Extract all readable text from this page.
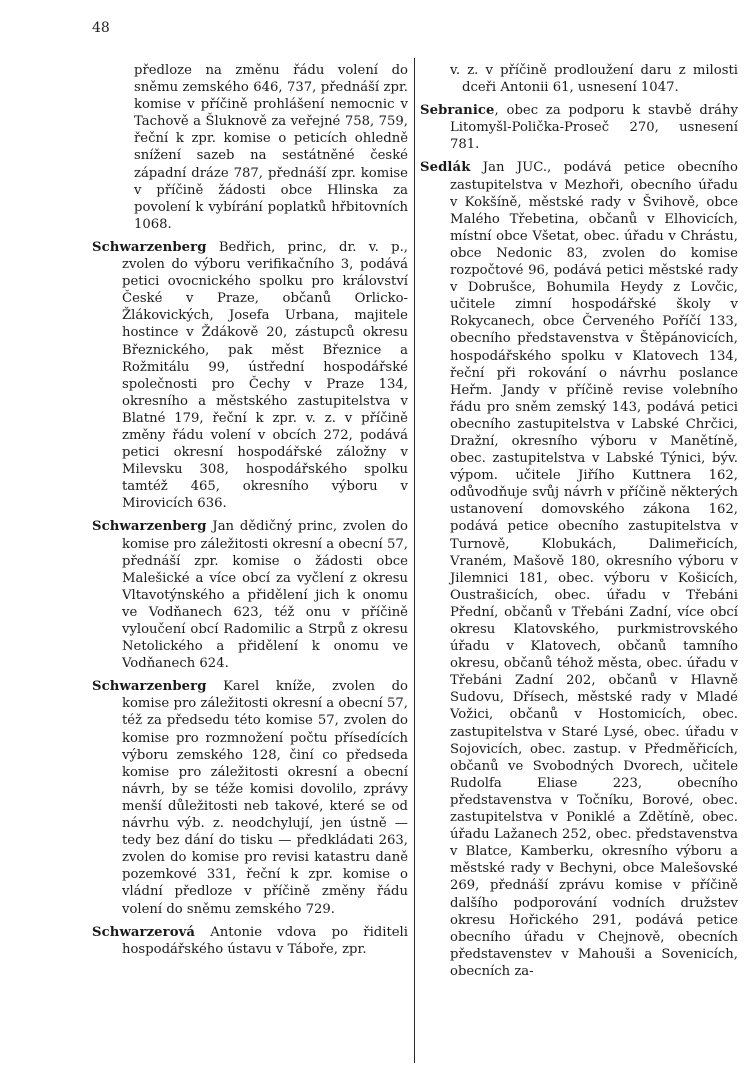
48

předloze na změnu řádu volení do sněmu zemského 646, 737, přednáší zpr. komise v příčině prohlášení nemocnic v Tachově a Šluknově za veřejné 758, 759, řeční k zpr. komise o peticích ohledně snížení sazeb na sestátněné české západní dráze 787, přednáší zpr. komise v příčině žádosti obce Hlinska za povolení k vybírání poplatků hřbitovních 1068.

Schwarzenberg Bedřich, princ, dr. v. p., zvolen do výboru verifikačního 3, podává petici ovocnického spolku pro království České v Praze, občanů Orlicko-Žlákovických, Josefa Urbana, majitele hostince v Ždákově 20, zástupců okresu Březnického, pak měst Březnice a Rožmitálu 99, ústřední hospodářské společnosti pro Čechy v Praze 134, okresního a městského zastupitelstva v Blatné 179, řeční k zpr. v. z. v příčině změny řádu volení v obcích 272, podává petici okresní hospodářské záložny v Milevsku 308, hospodářského spolku tamtéž 465, okresního výboru v Mirovicích 636.

Schwarzenberg Jan dědičný princ, zvolen do komise pro záležitosti okresní a obecní 57, přednáší zpr. komise o žádosti obce Malešické a více obcí za vyčlení z okresu Vltavotýnského a přidělení jich k onomu ve Vodňanech 623, též onu v příčině vyloučení obcí Radomilic a Strpů z okresu Netolického a přidělení k onomu ve Vodňanech 624.

Schwarzenberg Karel kníže, zvolen do komise pro záležitosti okresní a obecní 57, též za předsedu této komise 57, zvolen do komise pro rozmnožení počtu přísedících výboru zemského 128, činí co předseda komise pro záležitosti okresní a obecní návrh, by se téže komisi dovolilo, zprávy menší důležitosti neb takové, které se od návrhu výb. z. neodchylují, jen ústně — tedy bez dání do tisku — předkládati 263, zvolen do komise pro revisi katastru daně pozemkové 331, řeční k zpr. komise o vládní předloze v příčině změny řádu volení do sněmu zemského 729.

Schwarzerová Antonie vdova po řiditeli hospodářského ústavu v Táboře, zpr.

v. z. v příčině prodloužení daru z milosti dceři Antonii 61, usnesení 1047.

Sebranice, obec za podporu k stavbě dráhy Litomyšl-Polička-Proseč 270, usnesení 781.

Sedlák Jan JUC., podává petice obecního zastupitelstva v Mezhoři, obecního úřadu v Kokšíně, městské rady v Švihově, obce Malého Třebetina, občanů v Elhovicích, místní obce Všetat, obec. úřadu v Chrástu, obce Nedonic 83, zvolen do komise rozpočtové 96, podává petici městské rady v Dobrušce, Bohumila Heydy z Lovčic, učitele zimní hospodářské školy v Rokycanech, obce Červeného Poříčí 133, obecního představenstva v Štěpánovicích, hospodářského spolku v Klatovech 134, řeční při rokování o návrhu poslance Heřm. Jandy v příčině revise volebního řádu pro sněm zemský 143, podává petici obecního zastupitelstva v Labské Chrčici, Dražní, okresního výboru v Manětíně, obec. zastupitelstva v Labské Týnici, býv. výpom. učitele Jiřího Kuttnera 162, odůvodňuje svůj návrh v příčině některých ustanovení domovského zákona 162, podává petice obecního zastupitelstva v Turnově, Klobukách, Dalimeřicích, Vraném, Mašově 180, okresního výboru v Jilemnici 181, obec. výboru v Košicích, Oustrašicích, obec. úřadu v Třebáni Přední, občanů v Třebáni Zadní, více obcí okresu Klatovského, purkmistrovského úřadu v Klatovech, občanů tamního okresu, občanů téhož města, obec. úřadu v Třebáni Zadní 202, občanů v Hlavně Sudovu, Dřísech, městské rady v Mladé Vožici, občanů v Hostomicích, obec. zastupitelstva v Staré Lysé, obec. úřadu v Sojovicích, obec. zastup. v Předměřicích, občanů ve Svobodných Dvorech, učitele Rudolfa Eliase 223, obecního představenstva v Točníku, Borové, obec. zastupitelstva v Poniklé a Zdětíně, obec. úřadu Lažanech 252, obec. představenstva v Blatce, Kamberku, okresního výboru a městské rady v Bechyni, obce Malešovské 269, přednáší zprávu komise v příčině dalšího podporování vodních družstev okresu Hořického 291, podává petice obecního úřadu v Chejnově, obecních představenstev v Mahouši a Sovenicích, obecních za-
